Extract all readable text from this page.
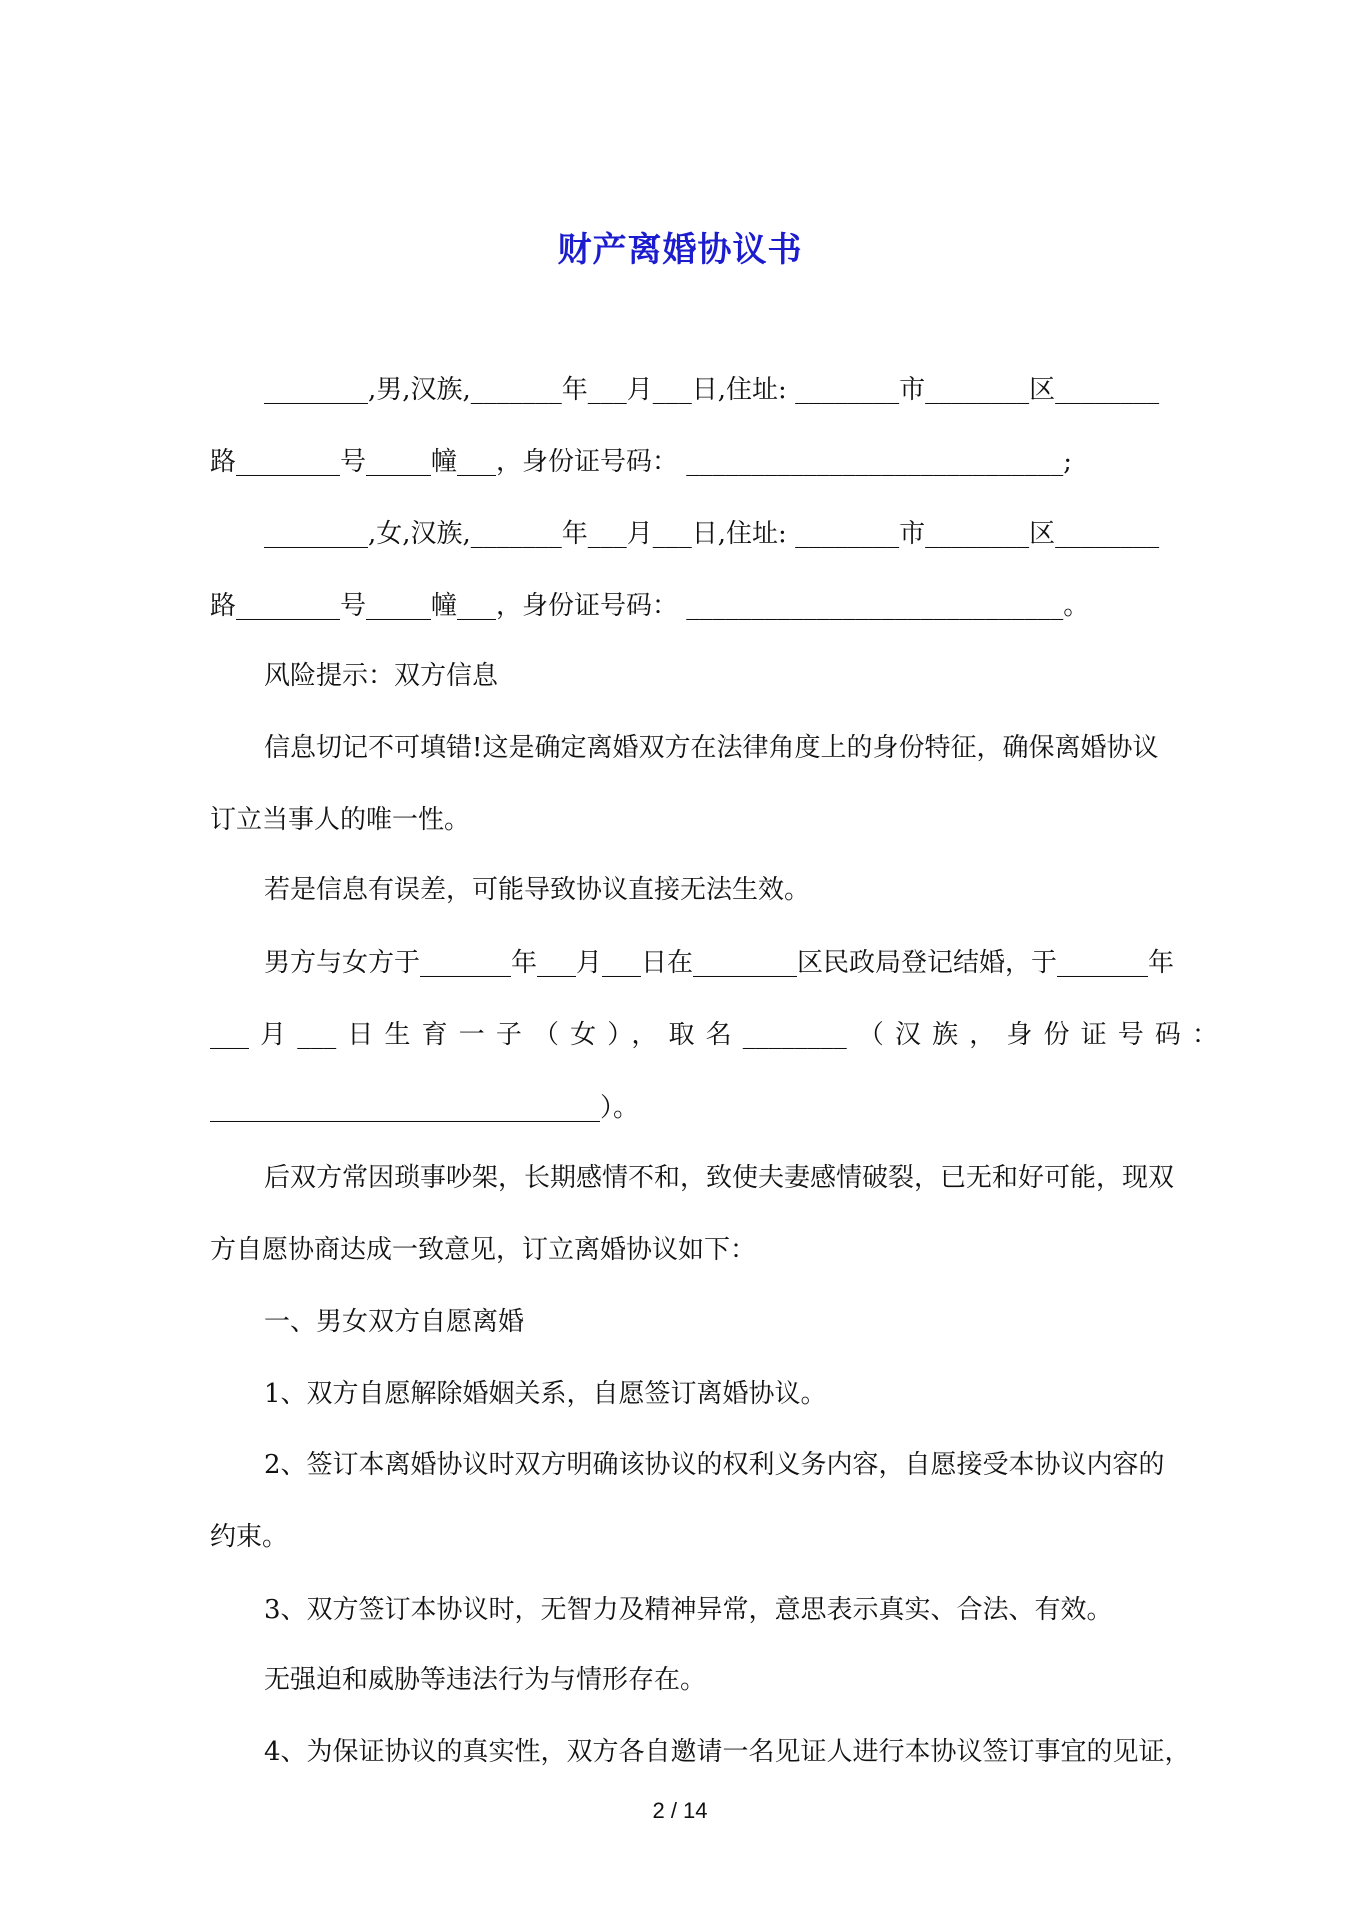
财产离婚协议书
________,男,汉族,_______年___月___日,住址: ________市________区________
路________号_____幢___，身份证号码： _____________________________;
________,女,汉族,_______年___月___日,住址: ________市________区________
路________号_____幢___，身份证号码： _____________________________。
风险提示：双方信息
信息切记不可填错!这是确定离婚双方在法律角度上的身份特征，确保离婚协议
订立当事人的唯一性。
若是信息有误差，可能导致协议直接无法生效。
男方与女方于_______年___月___日在________区民政局登记结婚，于_______年
___月___日生育一子（女），取名________（汉族，身份证号码：
______________________________）。
后双方常因琐事吵架，长期感情不和，致使夫妻感情破裂，已无和好可能，现双
方自愿协商达成一致意见，订立离婚协议如下：
一、男女双方自愿离婚
1、双方自愿解除婚姻关系，自愿签订离婚协议。
2、签订本离婚协议时双方明确该协议的权利义务内容，自愿接受本协议内容的
约束。
3、双方签订本协议时，无智力及精神异常，意思表示真实、合法、有效。
无强迫和威胁等违法行为与情形存在。
4、为保证协议的真实性，双方各自邀请一名见证人进行本协议签订事宜的见证，
2 / 14
